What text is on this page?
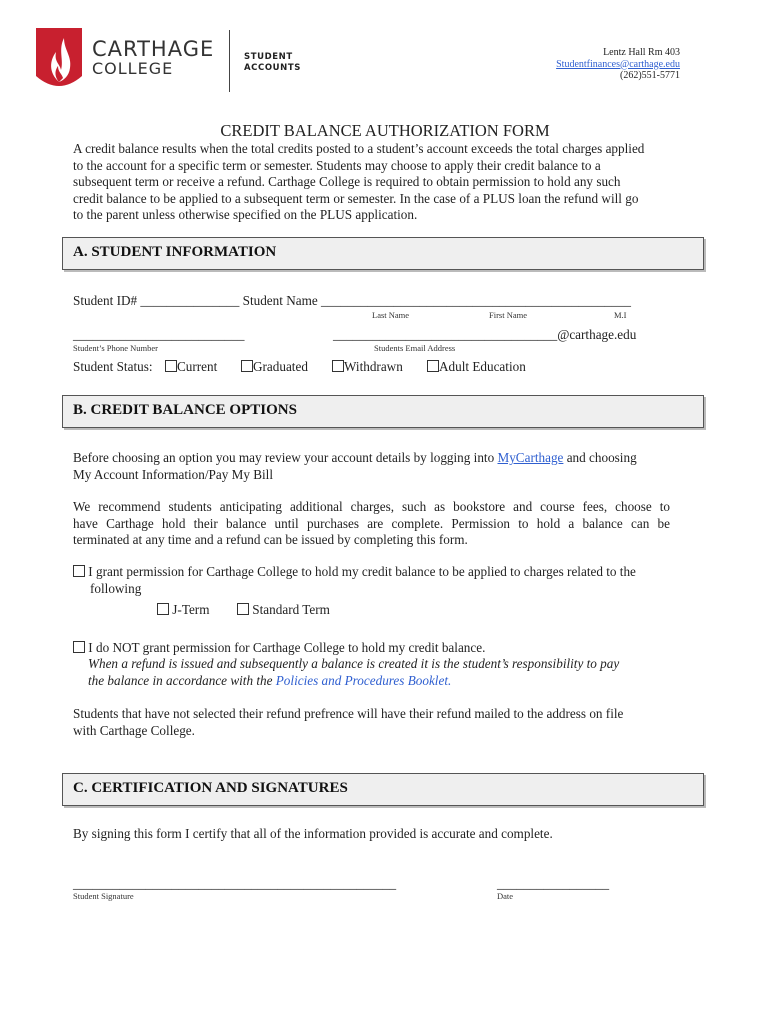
CARTHAGE
COLLEGE
STUDENT
ACCOUNTS
Lentz Hall Rm 403
Studentfinances@carthage.edu
(262)551-5771
CREDIT BALANCE AUTHORIZATION FORM
A credit balance results when the total credits posted to a student’s account exceeds the total charges applied
to the account for a specific term or semester. Students may choose to apply their credit balance to a
subsequent term or receive a refund. Carthage College is required to obtain permission to hold any such
credit balance to be applied to a subsequent term or semester. In the case of a PLUS loan the refund will go
to the parent unless otherwise specified on the PLUS application.
A. STUDENT INFORMATION
Student ID# _______________ Student Name _______________________________________________
Last Name	First Name	M.I
__________________________	__________________________________@carthage.edu
Student’s Phone Number	Students Email Address
Student Status:	Current	Graduated	Withdrawn	Adult Education
B. CREDIT BALANCE OPTIONS
Before choosing an option you may review your account details by logging into MyCarthage and choosing
My Account Information/Pay My Bill
We recommend students anticipating additional charges, such as bookstore and course fees, choose to
have Carthage hold their balance until purchases are complete. Permission to hold a balance can be
terminated at any time and a refund can be issued by completing this form.
I grant permission for Carthage College to hold my credit balance to be applied to charges related to the
following
J-Term	Standard Term
I do NOT grant permission for Carthage College to hold my credit balance.
When a refund is issued and subsequently a balance is created it is the student’s responsibility to pay
the balance in accordance with the Policies and Procedures Booklet.
Students that have not selected their refund prefrence will have their refund mailed to the address on file
with Carthage College.
C. CERTIFICATION AND SIGNATURES
By signing this form I certify that all of the information provided is accurate and complete.
_________________________________________________	_________________
Student Signature	Date
